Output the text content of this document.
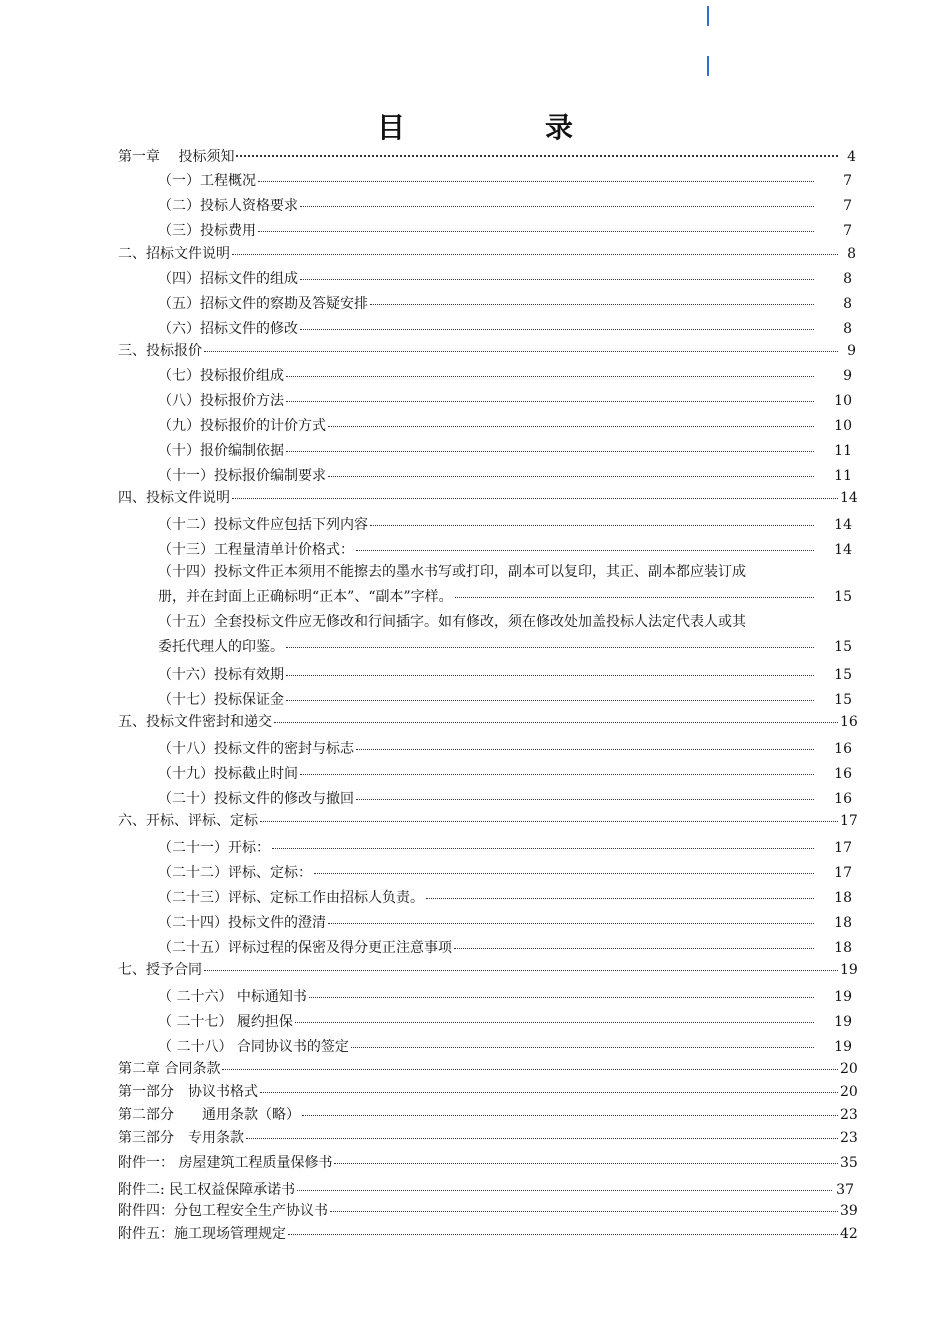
目	录
第一章　 投标须知	4
（一）工程概况	7
（二）投标人资格要求	7
（三）投标费用	7
二、招标文件说明	8
（四）招标文件的组成	8
（五）招标文件的察勘及答疑安排	8
（六）招标文件的修改	8
三、投标报价	9
（七）投标报价组成	9
（八）投标报价方法	10
（九）投标报价的计价方式	10
（十）报价编制依据	11
（十一）投标报价编制要求	11
四、投标文件说明	14
（十二）投标文件应包括下列内容	14
（十三）工程量清单计价格式：	14
（十四）投标文件正本须用不能擦去的墨水书写或打印，副本可以复印，其正、副本都应装订成
册，并在封面上正确标明“正本”、“副本”字样。	15
（十五）全套投标文件应无修改和行间插字。如有修改，须在修改处加盖投标人法定代表人或其
委托代理人的印鉴。	15
（十六）投标有效期	15
（十七）投标保证金	15
五、投标文件密封和递交	16
（十八）投标文件的密封与标志	16
（十九）投标截止时间	16
（二十）投标文件的修改与撤回	16
六、开标、评标、定标	17
（二十一）开标：	17
（二十二）评标、定标：	17
（二十三）评标、定标工作由招标人负责。	18
（二十四）投标文件的澄清	18
（二十五）评标过程的保密及得分更正注意事项	18
七、授予合同	19
（ 二十六） 中标通知书	19
（ 二十七） 履约担保	19
（ 二十八） 合同协议书的签定	19
第二章 合同条款	20
第一部分　协议书格式	20
第二部分　　通用条款（略）	23
第三部分　专用条款	23
附件一： 房屋建筑工程质量保修书	35
附件二: 民工权益保障承诺书	37
附件四：分包工程安全生产协议书	39
附件五：施工现场管理规定	42
